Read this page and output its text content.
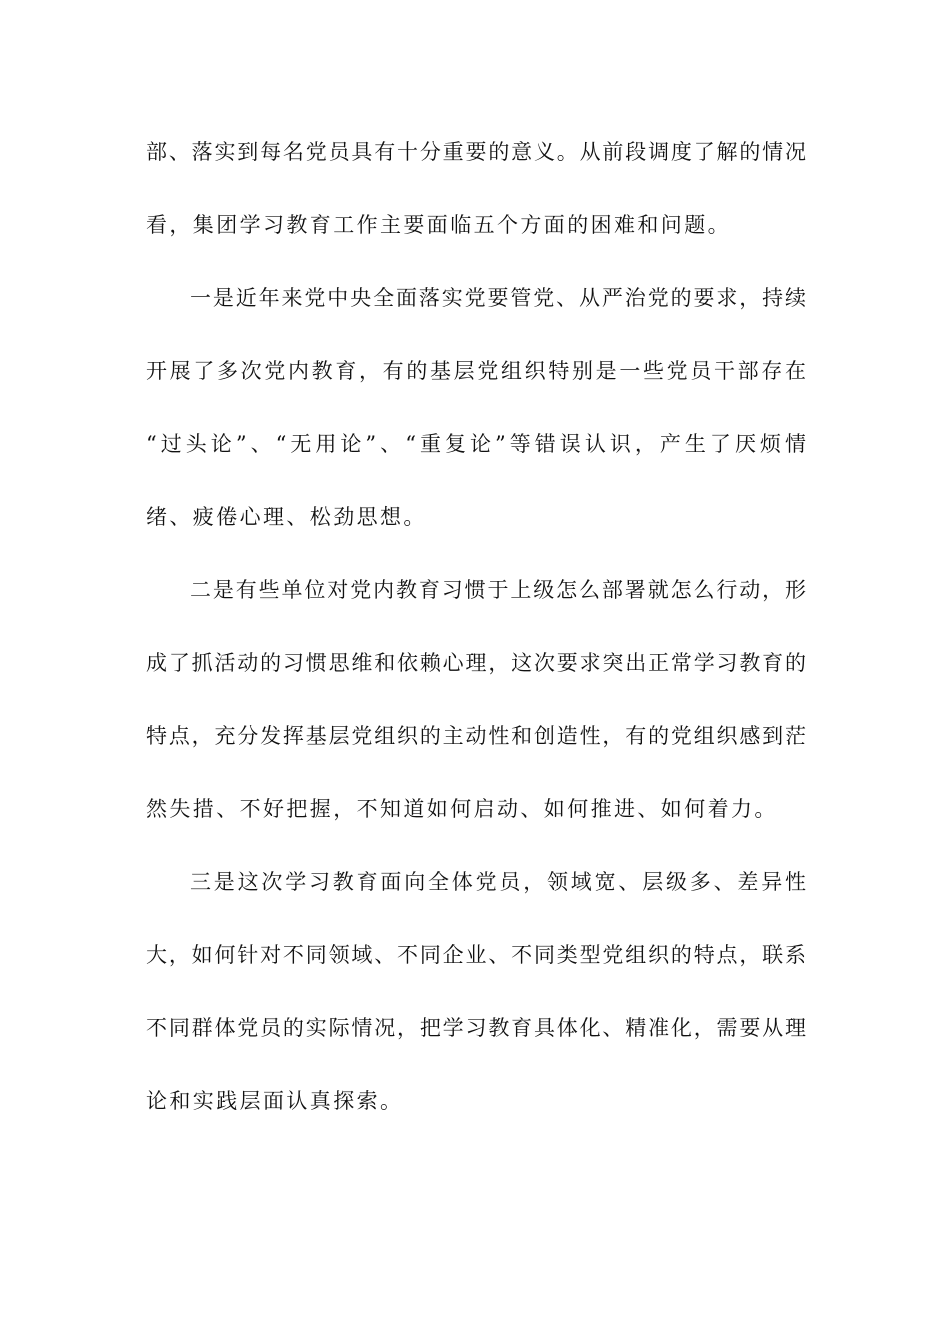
部、落实到每名党员具有十分重要的意义。从前段调度了解的情况
看，集团学习教育工作主要面临五个方面的困难和问题。
一是近年来党中央全面落实党要管党、从严治党的要求，持续
开展了多次党内教育，有的基层党组织特别是一些党员干部存在
“过头论”、“无用论”、“重复论”等错误认识，产生了厌烦情
绪、疲倦心理、松劲思想。
二是有些单位对党内教育习惯于上级怎么部署就怎么行动，形
成了抓活动的习惯思维和依赖心理，这次要求突出正常学习教育的
特点，充分发挥基层党组织的主动性和创造性，有的党组织感到茫
然失措、不好把握，不知道如何启动、如何推进、如何着力。
三是这次学习教育面向全体党员，领域宽、层级多、差异性
大，如何针对不同领域、不同企业、不同类型党组织的特点，联系
不同群体党员的实际情况，把学习教育具体化、精准化，需要从理
论和实践层面认真探索。
